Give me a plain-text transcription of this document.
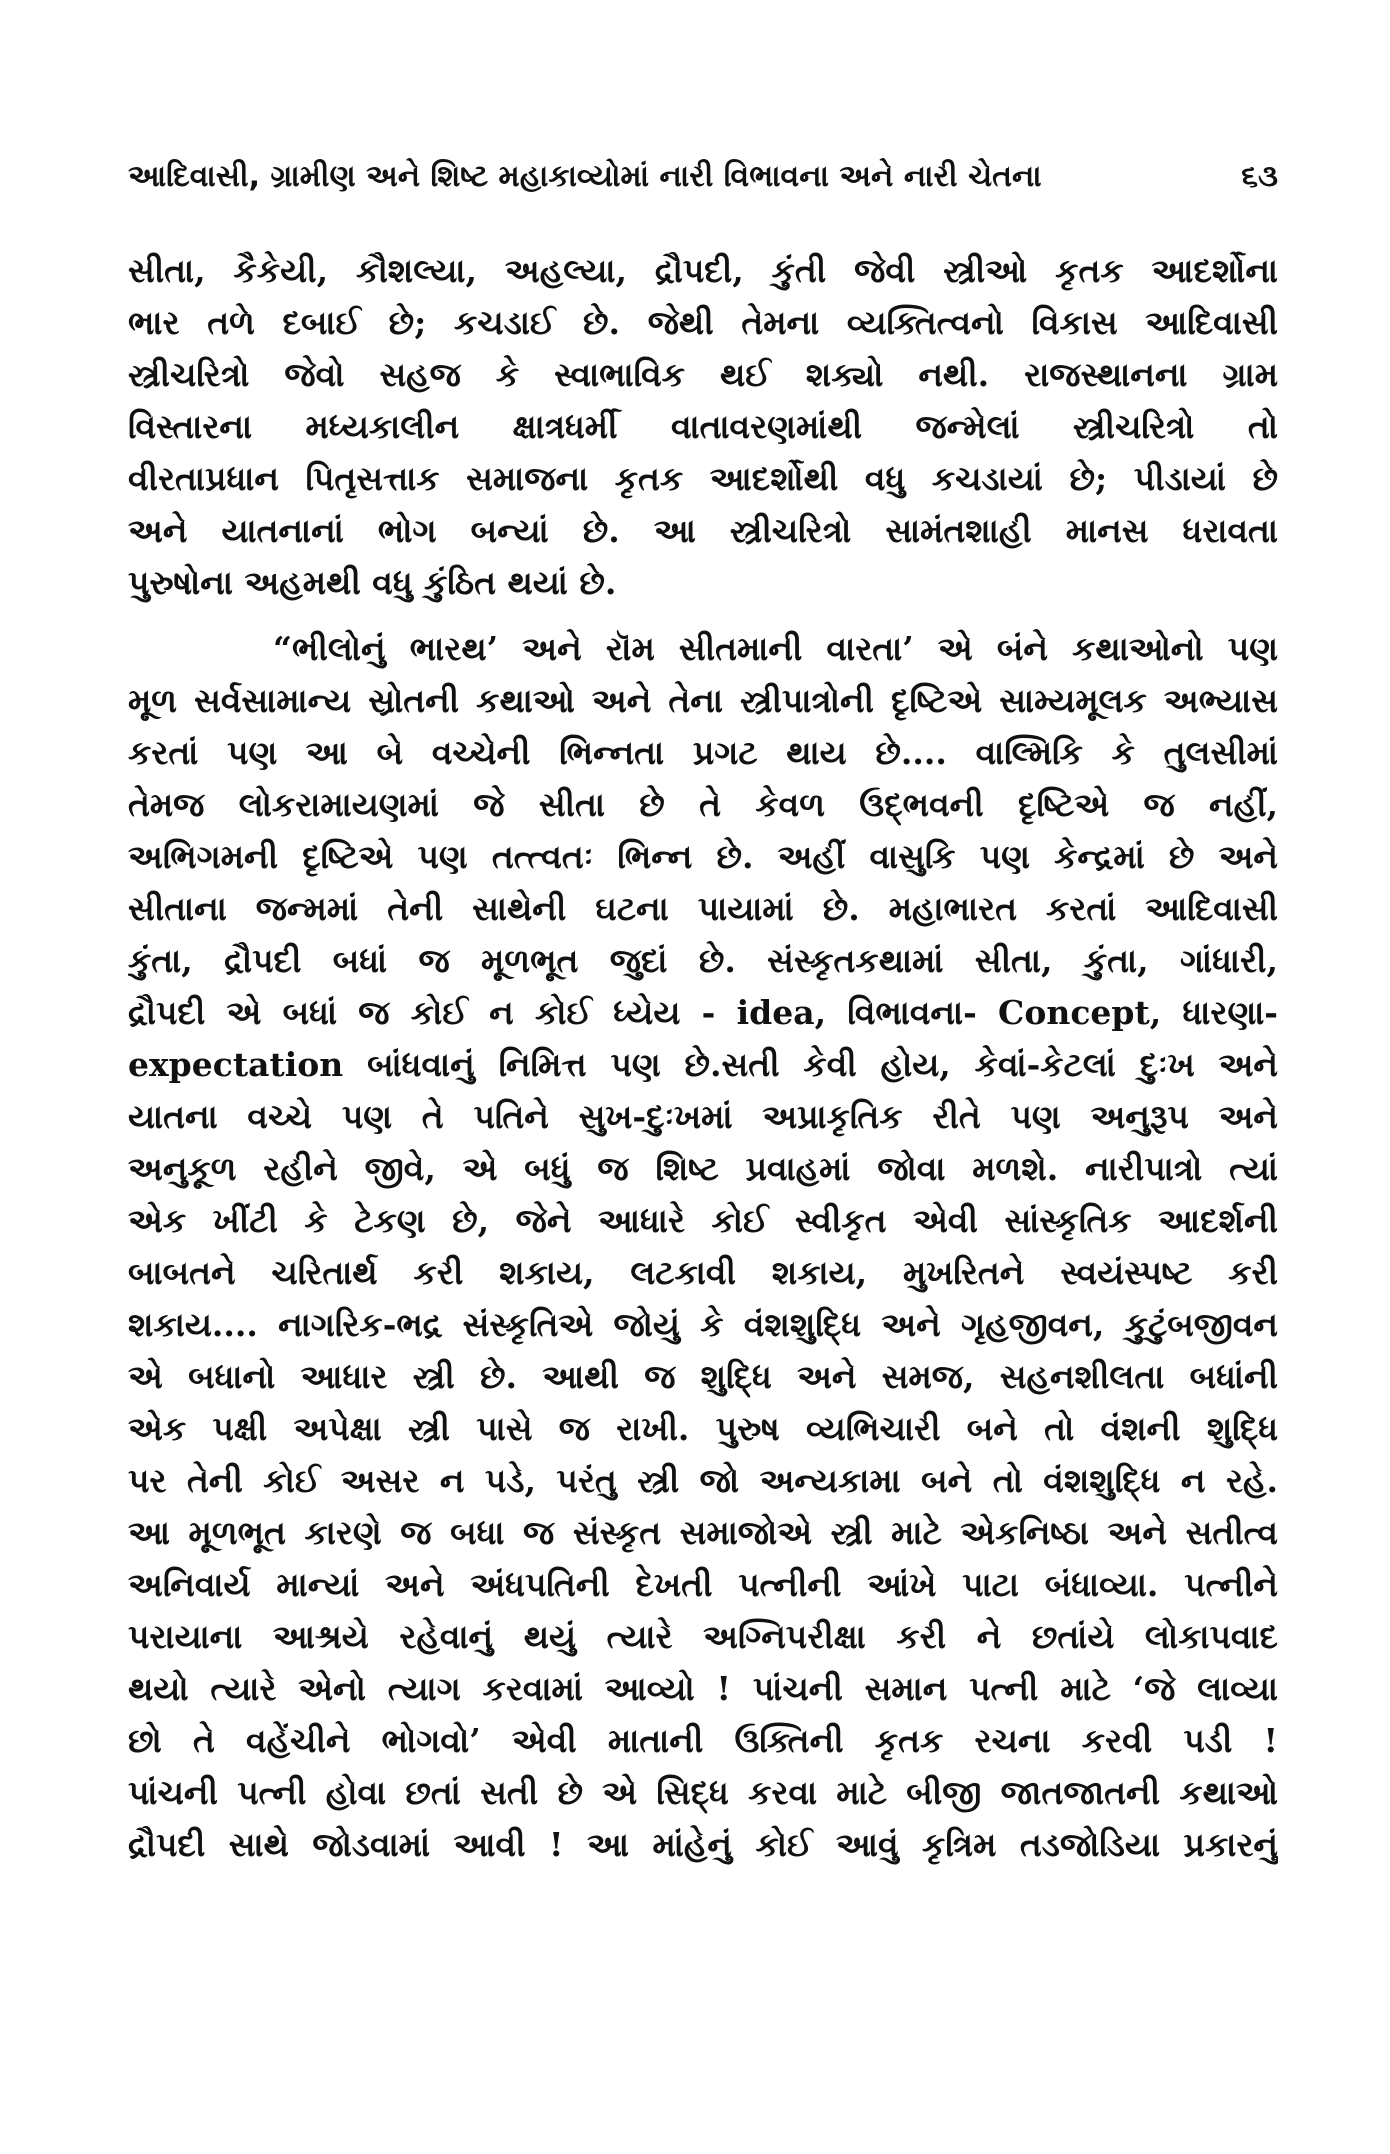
આદિવાસી, ગ્રામીણ અને શિષ્ટ મહાકાવ્યોમાં નારી વિભાવના અને નારી ચેતના	૬૩
સીતા, કૈકેયી, કૌશલ્યા, અહલ્યા, દ્રૌપદી, કુંતી જેવી સ્ત્રીઓ કૃતક આદર્શોના
ભાર તળે દબાઈ છે; કચડાઈ છે. જેથી તેમના વ્યક્તિત્વનો વિકાસ આદિવાસી
સ્ત્રીચરિત્રો જેવો સહજ કે સ્વાભાવિક થઈ શક્યો નથી. રાજસ્થાનના ગ્રામ
વિસ્તારના મધ્યકાલીન ક્ષાત્રધર્મી વાતાવરણમાંથી જન્મેલાં સ્ત્રીચરિત્રો તો
વીરતાપ્રધાન પિતૃસત્તાક સમાજના કૃતક આદર્શોથી વધુ કચડાયાં છે; પીડાયાં છે
અને યાતનાનાં ભોગ બન્યાં છે. આ સ્ત્રીચરિત્રો સામંતશાહી માનસ ધરાવતા
પુરુષોના અહમથી વધુ કુંઠિત થયાં છે.
“ભીલોનું ભારથ’ અને રૉમ સીતમાની વારતા’ એ બંને કથાઓનો પણ
મૂળ સર્વસામાન્ય સ્રોતની કથાઓ અને તેના સ્ત્રીપાત્રોની દૃષ્ટિએ સામ્યમૂલક અભ્યાસ
કરતાં પણ આ બે વચ્ચેની ભિન્નતા પ્રગટ થાય છે.... વાલ્મિકિ કે તુલસીમાં
તેમજ લોકરામાયણમાં જે સીતા છે તે કેવળ ઉદ્‌ભવની દૃષ્ટિએ જ નહીં,
અભિગમની દૃષ્ટિએ પણ તત્ત્વતઃ ભિન્ન છે. અહીં વાસુકિ પણ કેન્દ્રમાં છે અને
સીતાના જન્મમાં તેની સાથેની ઘટના પાયામાં છે. મહાભારત કરતાં આદિવાસી
કુંતા, દ્રૌપદી બધાં જ મૂળભૂત જુદાં છે. સંસ્કૃતકથામાં સીતા, કુંતા, ગાંધારી,
દ્રૌપદી એ બધાં જ કોઈ ન કોઈ ધ્યેય - idea, વિભાવના- Concept, ધારણા-
expectation બાંધવાનું નિમિત્ત પણ છે.સતી કેવી હોય, કેવાં-કેટલાં દુઃખ અને
યાતના વચ્ચે પણ તે પતિને સુખ-દુઃખમાં અપ્રાકૃતિક રીતે પણ અનુરૂપ અને
અનુકૂળ રહીને જીવે, એ બધું જ શિષ્ટ પ્રવાહમાં જોવા મળશે. નારીપાત્રો ત્યાં
એક ખીંટી કે ટેકણ છે, જેને આધારે કોઈ સ્વીકૃત એવી સાંસ્કૃતિક આદર્શની
બાબતને ચરિતાર્થ કરી શકાય, લટકાવી શકાય, મુખરિતને સ્વયંસ્પષ્ટ કરી
શકાય.... નાગરિક-ભદ્ર સંસ્કૃતિએ જોયું કે વંશશુદ્ધિ અને ગૃહજીવન, કુટુંબજીવન
એ બધાનો આધાર સ્ત્રી છે. આથી જ શુદ્ધિ અને સમજ, સહનશીલતા બધાંની
એક પક્ષી અપેક્ષા સ્ત્રી પાસે જ રાખી. પુરુષ વ્યભિચારી બને તો વંશની શુદ્ધિ
પર તેની કોઈ અસર ન પડે, પરંતુ સ્ત્રી જો અન્યકામા બને તો વંશશુદ્ધિ ન રહે.
આ મૂળભૂત કારણે જ બધા જ સંસ્કૃત સમાજોએ સ્ત્રી માટે એકનિષ્ઠા અને સતીત્વ
અનિવાર્ય માન્યાં અને અંધપતિની દેખતી પત્નીની આંખે પાટા બંધાવ્યા. પત્નીને
પરાયાના આશ્રયે રહેવાનું થયું ત્યારે અગ્નિપરીક્ષા કરી ને છતાંયે લોકાપવાદ
થયો ત્યારે એનો ત્યાગ કરવામાં આવ્યો ! પાંચની સમાન પત્ની માટે ‘જે લાવ્યા
છો તે વહેંચીને ભોગવો’ એવી માતાની ઉક્તિની કૃતક રચના કરવી પડી !
પાંચની પત્ની હોવા છતાં સતી છે એ સિદ્ધ કરવા માટે બીજી જાતજાતની કથાઓ
દ્રૌપદી સાથે જોડવામાં આવી ! આ માંહેનું કોઈ આવું કૃત્રિમ તડજોડિયા પ્રકારનું
